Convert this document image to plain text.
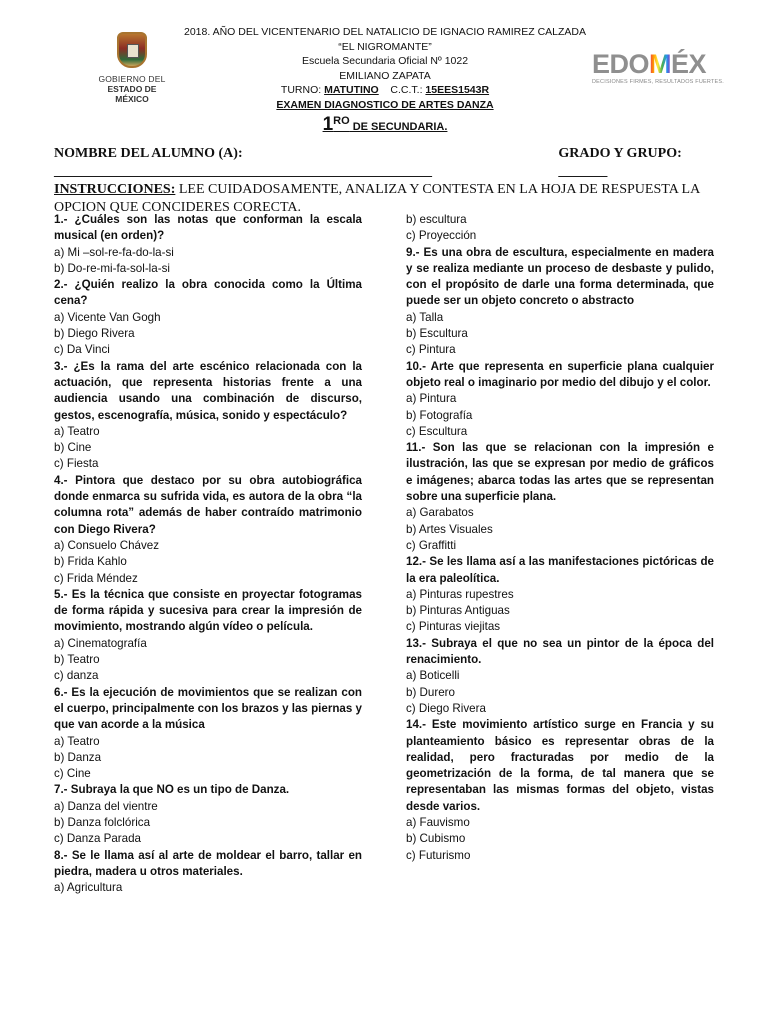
GOBIERNO DEL
ESTADO DE MÉXICO
2018. AÑO DEL VICENTENARIO DEL NATALICIO DE IGNACIO RAMIREZ CALZADA
“EL NIGROMANTE”
Escuela Secundaria Oficial Nº 1022
EMILIANO ZAPATA
TURNO: MATUTINO C.C.T.: 15EES1543R
EXAMEN DIAGNOSTICO DE ARTES DANZA
1RO DE SECUNDARIA.
EDOMÉX
DECISIONES FIRMES, RESULTADOS FUERTES.
NOMBRE DEL ALUMNO (A): ______________________________________________________
GRADO Y GRUPO: _______
INSTRUCCIONES: LEE CUIDADOSAMENTE, ANALIZA Y CONTESTA EN LA HOJA DE RESPUESTA LA OPCION QUE CONCIDERES CORECTA.
1.- ¿Cuáles son las notas que conforman la escala musical (en orden)?
a) Mi –sol-re-fa-do-la-si
b) Do-re-mi-fa-sol-la-si
2.- ¿Quién realizo la obra conocida como la Última cena?
a) Vicente Van Gogh
b) Diego Rivera
c) Da Vinci
3.- ¿Es la rama del arte escénico relacionada con la actuación, que representa historias frente a una audiencia usando una combinación de discurso, gestos, escenografía, música, sonido y espectáculo?
a) Teatro
b) Cine
c) Fiesta
4.- Pintora que destaco por su obra autobiográfica donde enmarca su sufrida vida, es autora de la obra “la columna rota” además de haber contraído matrimonio con Diego Rivera?
a) Consuelo Chávez
b) Frida Kahlo
c) Frida Méndez
5.- Es la técnica que consiste en proyectar fotogramas de forma rápida y sucesiva para crear la impresión de movimiento, mostrando algún vídeo o película.
a) Cinematografía
b) Teatro
c) danza
6.- Es la ejecución de movimientos que se realizan con el cuerpo, principalmente con los brazos y las piernas y que van acorde a la música
a) Teatro
b) Danza
c) Cine
7.- Subraya la que NO es un tipo de Danza.
a) Danza del vientre
b) Danza folclórica
c) Danza Parada
8.- Se le llama así al arte de moldear el barro, tallar en piedra, madera u otros materiales.
a) Agricultura
b) escultura
c) Proyección
9.- Es una obra de escultura, especialmente en madera y se realiza mediante un proceso de desbaste y pulido, con el propósito de darle una forma determinada, que puede ser un objeto concreto o abstracto
a) Talla
b) Escultura
c) Pintura
10.- Arte que representa en superficie plana cualquier objeto real o imaginario por medio del dibujo y el color.
a) Pintura
b) Fotografía
c) Escultura
11.- Son las que se relacionan con la impresión e ilustración, las que se expresan por medio de gráficos e imágenes; abarca todas las artes que se representan sobre una superficie plana.
a) Garabatos
b) Artes Visuales
c) Graffitti
12.- Se les llama así a las manifestaciones pictóricas de la era paleolítica.
a) Pinturas rupestres
b) Pinturas Antiguas
c) Pinturas viejitas
13.- Subraya el que no sea un pintor de la época del renacimiento.
a) Boticelli
b) Durero
c) Diego Rivera
14.- Este movimiento artístico surge en Francia y su planteamiento básico es representar obras de la realidad, pero fracturadas por medio de la geometrización de la forma, de tal manera que se representaban las mismas formas del objeto, vistas desde varios.
a) Fauvismo
b) Cubismo
c) Futurismo
